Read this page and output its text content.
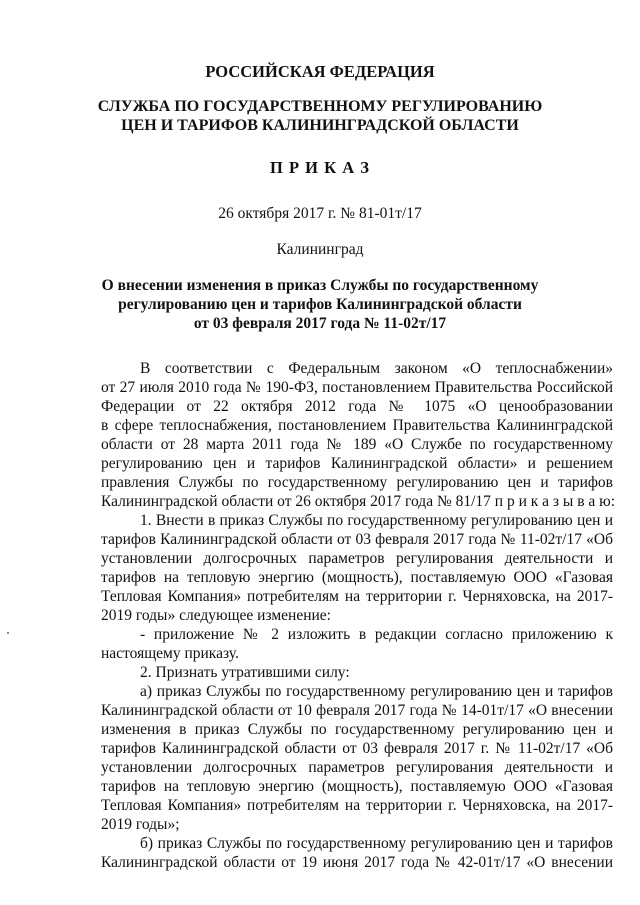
РОССИЙСКАЯ ФЕДЕРАЦИЯ
СЛУЖБА ПО ГОСУДАРСТВЕННОМУ РЕГУЛИРОВАНИЮ
ЦЕН И ТАРИФОВ КАЛИНИНГРАДСКОЙ ОБЛАСТИ
П Р И К А З
26 октября 2017 г. № 81-01т/17
Калининград
О внесении изменения в приказ Службы по государственному
регулированию цен и тарифов Калининградской области
от 03 февраля 2017 года № 11-02т/17
В соответствии с Федеральным законом «О теплоснабжении»
от 27 июля 2010 года № 190-ФЗ, постановлением Правительства Российской
Федерации от 22 октября 2012 года № 1075 «О ценообразовании
в сфере теплоснабжения, постановлением Правительства Калининградской
области от 28 марта 2011 года № 189 «О Службе по государственному
регулированию цен и тарифов Калининградской области» и решением
правления Службы по государственному регулированию цен и тарифов
Калининградской области от 26 октября 2017 года № 81/17 п р и к а з ы в а ю:
1. Внести в приказ Службы по государственному регулированию цен и
тарифов Калининградской области от 03 февраля 2017 года № 11-02т/17 «Об
установлении долгосрочных параметров регулирования деятельности и
тарифов на тепловую энергию (мощность), поставляемую ООО «Газовая
Тепловая Компания» потребителям на территории г. Черняховска, на 2017-
2019 годы» следующее изменение:
- приложение № 2 изложить в редакции согласно приложению к
настоящему приказу.
2. Признать утратившими силу:
а) приказ Службы по государственному регулированию цен и тарифов
Калининградской области от 10 февраля 2017 года № 14-01т/17 «О внесении
изменения в приказ Службы по государственному регулированию цен и
тарифов Калининградской области от 03 февраля 2017 г. № 11-02т/17 «Об
установлении долгосрочных параметров регулирования деятельности и
тарифов на тепловую энергию (мощность), поставляемую ООО «Газовая
Тепловая Компания» потребителям на территории г. Черняховска, на 2017-
2019 годы»;
б) приказ Службы по государственному регулированию цен и тарифов
Калининградской области от 19 июня 2017 года № 42-01т/17 «О внесении
